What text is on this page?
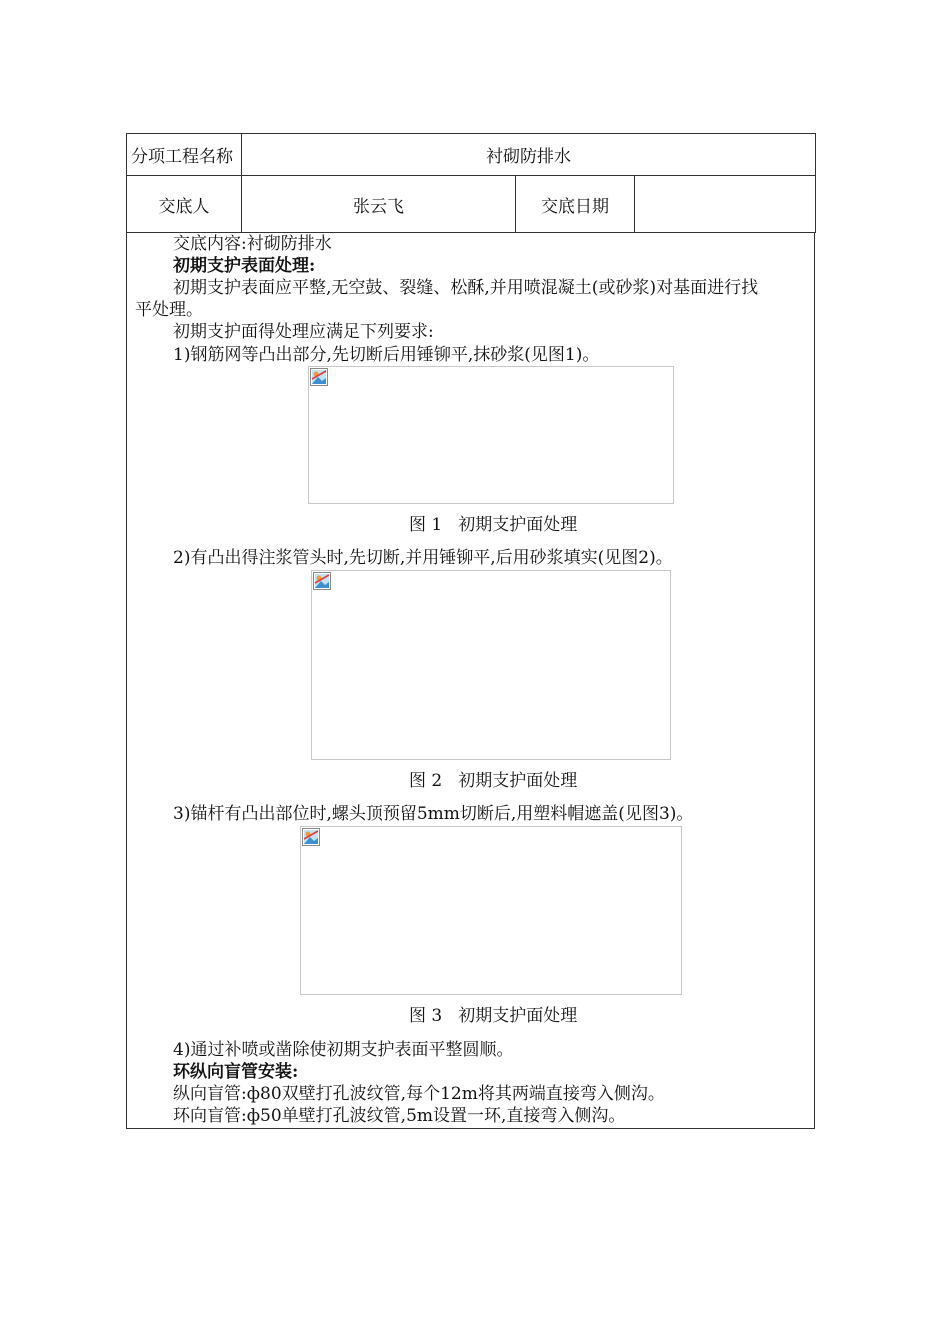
分项工程名称	衬砌防排水		
交底人	张云飞	交底日期	
交底内容:衬砌防排水
初期支护表面处理:
初期支护表面应平整,无空鼓、裂缝、松酥,并用喷混凝土(或砂浆)对基面进行找
平处理。
初期支护面得处理应满足下列要求:
1)钢筋网等凸出部分,先切断后用锤铆平,抹砂浆(见图1)。
图 1 初期支护面处理
2)有凸出得注浆管头时,先切断,并用锤铆平,后用砂浆填实(见图2)。
图 2 初期支护面处理
3)锚杆有凸出部位时,螺头顶预留5mm切断后,用塑料帽遮盖(见图3)。
图 3 初期支护面处理
4)通过补喷或凿除使初期支护表面平整圆顺。
环纵向盲管安装:
纵向盲管:ф80双壁打孔波纹管,每个12m将其两端直接弯入侧沟。
环向盲管:ф50单壁打孔波纹管,5m设置一环,直接弯入侧沟。
